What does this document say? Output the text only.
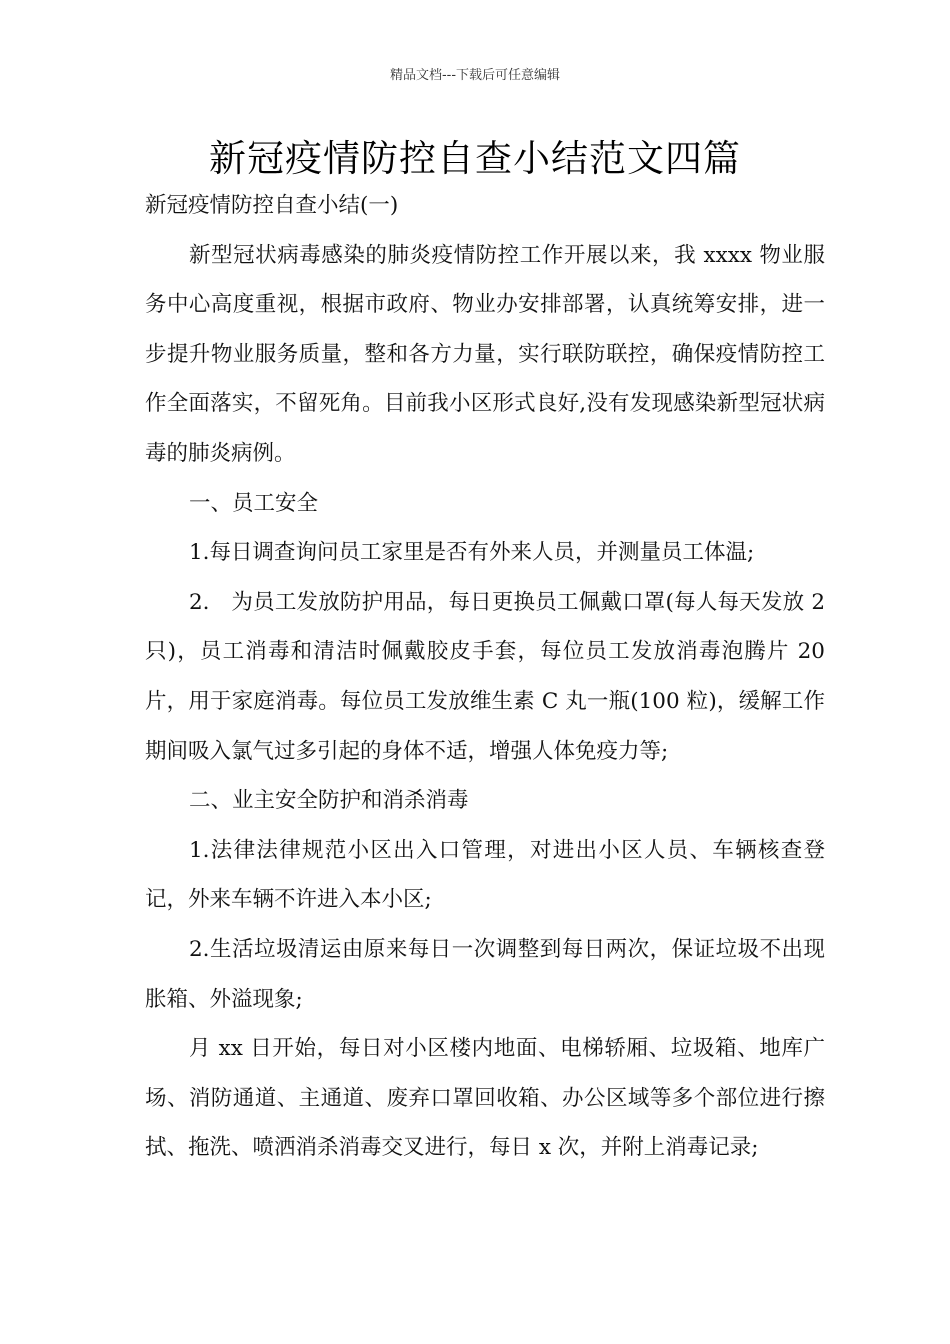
精品文档---下载后可任意编辑
新冠疫情防控自查小结范文四篇

新冠疫情防控自查小结(一)

新型冠状病毒感染的肺炎疫情防控工作开展以来，我 xxxx 物业服务中心高度重视，根据市政府、物业办安排部署，认真统筹安排，进一步提升物业服务质量，整和各方力量，实行联防联控，确保疫情防控工作全面落实，不留死角。目前我小区形式良好,没有发现感染新型冠状病毒的肺炎病例。

一、员工安全

1.每日调查询问员工家里是否有外来人员，并测量员工体温;

2.　为员工发放防护用品，每日更换员工佩戴口罩(每人每天发放 2 只)，员工消毒和清洁时佩戴胶皮手套，每位员工发放消毒泡腾片 20 片，用于家庭消毒。每位员工发放维生素 C 丸一瓶(100 粒)，缓解工作期间吸入氯气过多引起的身体不适，增强人体免疫力等;

二、业主安全防护和消杀消毒

1.法律法律规范小区出入口管理，对进出小区人员、车辆核查登记，外来车辆不许进入本小区;

2.生活垃圾清运由原来每日一次调整到每日两次，保证垃圾不出现胀箱、外溢现象;

月 xx 日开始，每日对小区楼内地面、电梯轿厢、垃圾箱、地库广场、消防通道、主通道、废弃口罩回收箱、办公区域等多个部位进行擦拭、拖洗、喷洒消杀消毒交叉进行，每日 x 次，并附上消毒记录;
